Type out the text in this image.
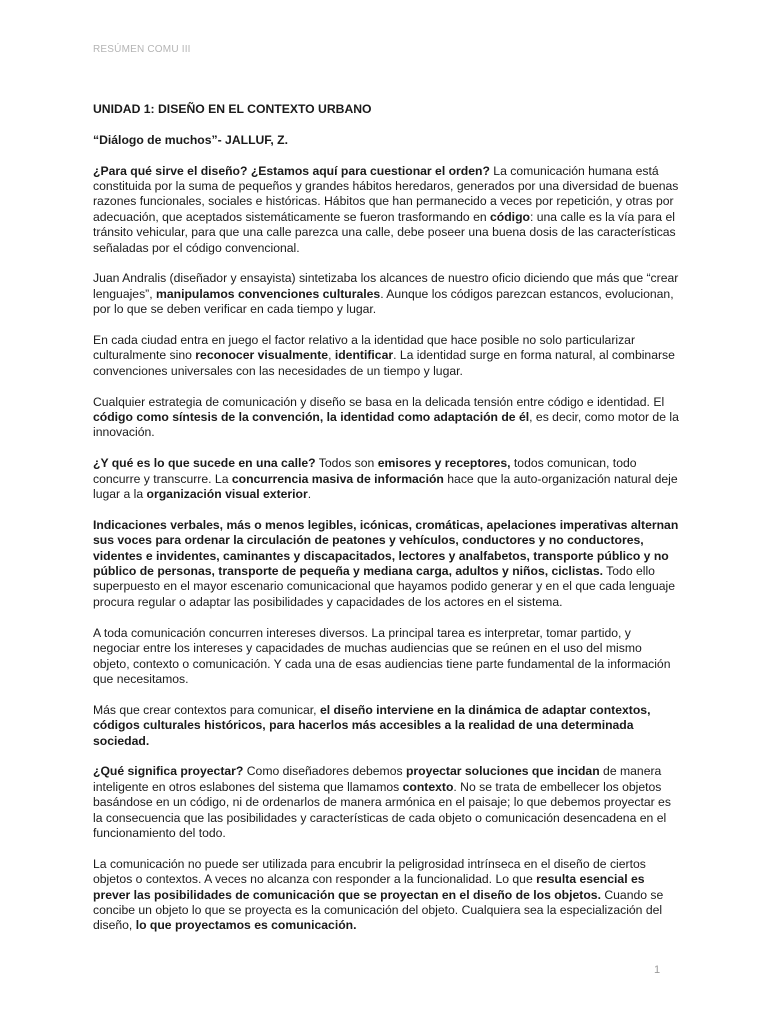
RESÚMEN COMU III

UNIDAD 1: DISEÑO EN EL CONTEXTO URBANO

“Diálogo de muchos”- JALLUF, Z.

¿Para qué sirve el diseño? ¿Estamos aquí para cuestionar el orden? La comunicación humana está constituida por la suma de pequeños y grandes hábitos heredaros, generados por una diversidad de buenas razones funcionales, sociales e históricas. Hábitos que han permanecido a veces por repetición, y otras por adecuación, que aceptados sistemáticamente se fueron trasformando en código: una calle es la vía para el tránsito vehicular, para que una calle parezca una calle, debe poseer una buena dosis de las características señaladas por el código convencional.

Juan Andralis (diseñador y ensayista) sintetizaba los alcances de nuestro oficio diciendo que más que “crear lenguajes”, manipulamos convenciones culturales. Aunque los códigos parezcan estancos, evolucionan, por lo que se deben verificar en cada tiempo y lugar.

En cada ciudad entra en juego el factor relativo a la identidad que hace posible no solo particularizar culturalmente sino reconocer visualmente, identificar. La identidad surge en forma natural, al combinarse convenciones universales con las necesidades de un tiempo y lugar.

Cualquier estrategia de comunicación y diseño se basa en la delicada tensión entre código e identidad. El código como síntesis de la convención, la identidad como adaptación de él, es decir, como motor de la innovación.

¿Y qué es lo que sucede en una calle? Todos son emisores y receptores, todos comunican, todo concurre y transcurre. La concurrencia masiva de información hace que la auto-organización natural deje lugar a la organización visual exterior.

Indicaciones verbales, más o menos legibles, icónicas, cromáticas, apelaciones imperativas alternan sus voces para ordenar la circulación de peatones y vehículos, conductores y no conductores, videntes e invidentes, caminantes y discapacitados, lectores y analfabetos, transporte público y no público de personas, transporte de pequeña y mediana carga, adultos y niños, ciclistas. Todo ello superpuesto en el mayor escenario comunicacional que hayamos podido generar y en el que cada lenguaje procura regular o adaptar las posibilidades y capacidades de los actores en el sistema.

A toda comunicación concurren intereses diversos. La principal tarea es interpretar, tomar partido, y negociar entre los intereses y capacidades de muchas audiencias que se reúnen en el uso del mismo objeto, contexto o comunicación. Y cada una de esas audiencias tiene parte fundamental de la información que necesitamos.

Más que crear contextos para comunicar, el diseño interviene en la dinámica de adaptar contextos, códigos culturales históricos, para hacerlos más accesibles a la realidad de una determinada sociedad.

¿Qué significa proyectar? Como diseñadores debemos proyectar soluciones que incidan de manera inteligente en otros eslabones del sistema que llamamos contexto. No se trata de embellecer los objetos basándose en un código, ni de ordenarlos de manera armónica en el paisaje; lo que debemos proyectar es la consecuencia que las posibilidades y características de cada objeto o comunicación desencadena en el funcionamiento del todo.

La comunicación no puede ser utilizada para encubrir la peligrosidad intrínseca en el diseño de ciertos objetos o contextos. A veces no alcanza con responder a la funcionalidad. Lo que resulta esencial es prever las posibilidades de comunicación que se proyectan en el diseño de los objetos. Cuando se concibe un objeto lo que se proyecta es la comunicación del objeto. Cualquiera sea la especialización del diseño, lo que proyectamos es comunicación.

1
